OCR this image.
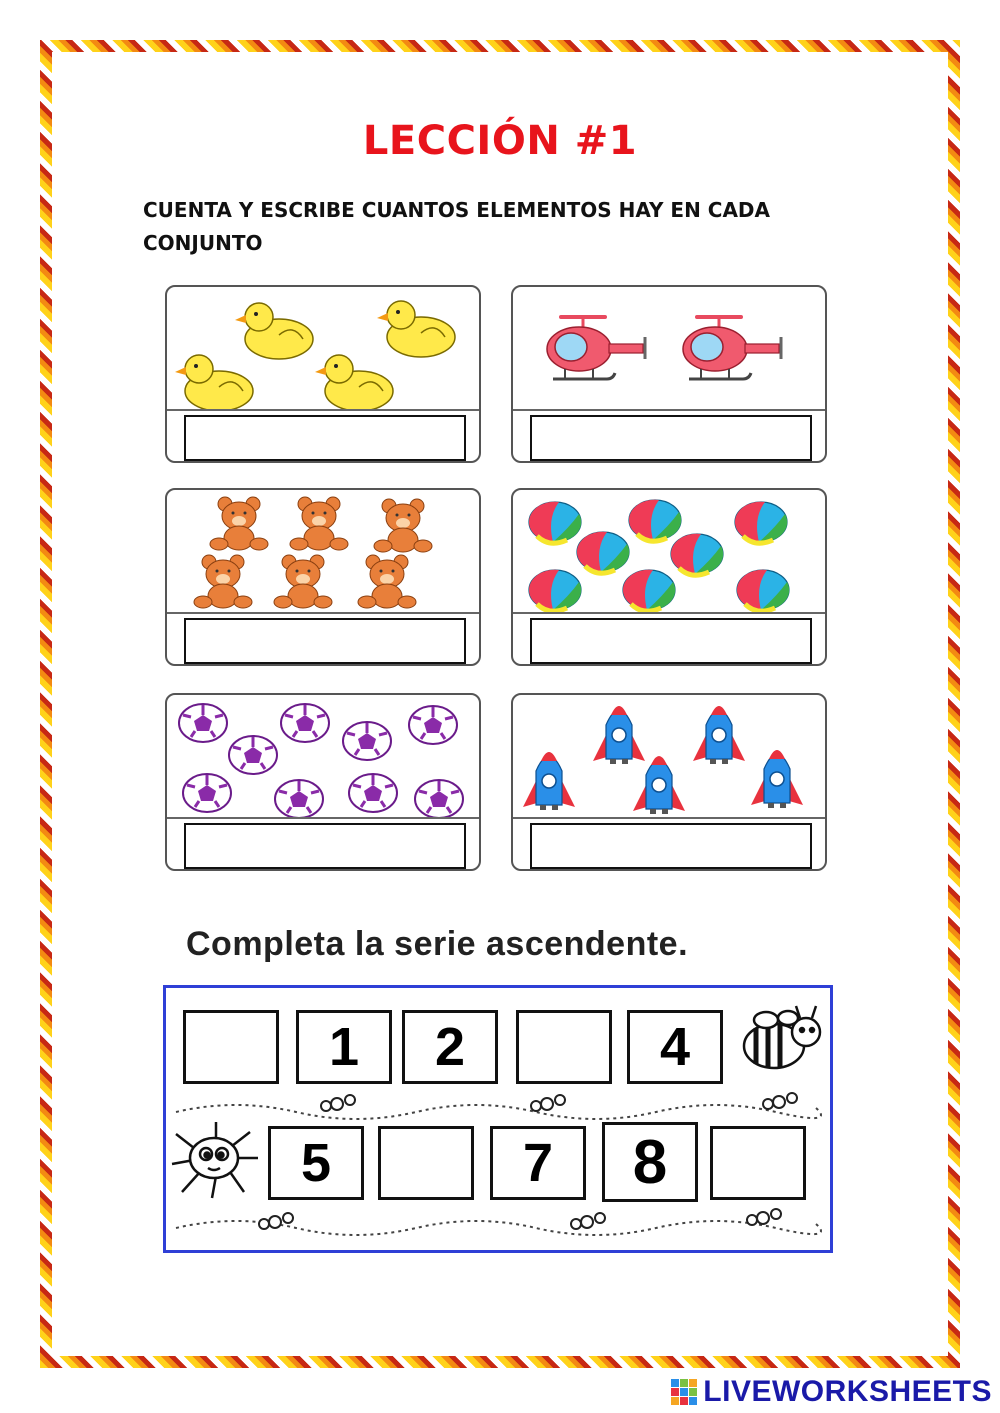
LECCIÓN #1
CUENTA Y ESCRIBE CUANTOS ELEMENTOS HAY EN CADA CONJUNTO
Completa la serie ascendente.
1	2	4
5	7	8
LIVEWORKSHEETS
